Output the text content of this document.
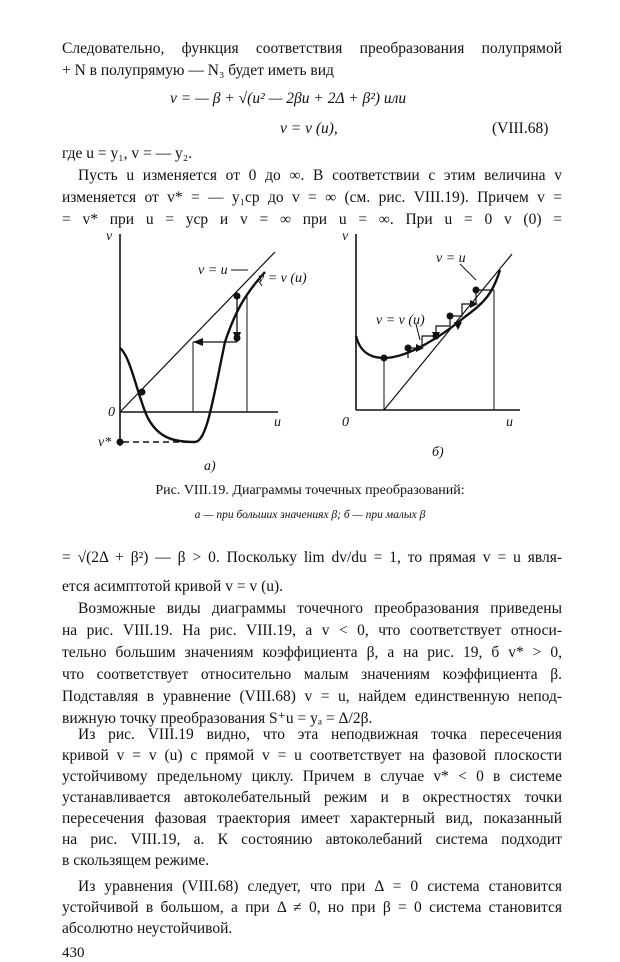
Следовательно, функция соответствия преобразования полупрямой
+ N в полупрямую — N₃ будет иметь вид
v = — β + √(u² — 2βu + 2Δ + β²) или
v = v (u),	(VIII.68)
где u = y₁, v = — y₂.
Пусть u изменяется от 0 до ∞. В соответствии с этим величина v
изменяется от v* = — y₁ср до v = ∞ (см. рис. VIII.19). Причем v =
= v* при u = yср и v = ∞ при u = ∞. При u = 0 v (0) =
v
u
0
v*
v = u
v = v (u)
а)
v
u
0
v = u
v = v (u)
б)
Рис. VIII.19. Диаграммы точечных преобразований:
а — при больших значениях β; б — при малых β
= √(2Δ + β²) — β > 0. Поскольку lim dv/du = 1, то прямая v = u явля-
ется асимптотой кривой v = v (u).
Возможные виды диаграммы точечного преобразования приведены
на рис. VIII.19. На рис. VIII.19, a v < 0, что соответствует относи-
тельно большим значениям коэффициента β, а на рис. 19, б v* > 0,
что соответствует относительно малым значениям коэффициента β.
Подставляя в уравнение (VIII.68) v = u, найдем единственную непод-
вижную точку преобразования S⁺u = yₐ = Δ/2β.
Из рис. VIII.19 видно, что эта неподвижная точка пересечения
кривой v = v (u) с прямой v = u соответствует на фазовой плоскости
устойчивому предельному циклу. Причем в случае v* < 0 в системе
устанавливается автоколебательный режим и в окрестностях точки
пересечения фазовая траектория имеет характерный вид, показанный
на рис. VIII.19, a. К состоянию автоколебаний система подходит
в скользящем режиме.
430
Из уравнения (VIII.68) следует, что при Δ = 0 система становится
устойчивой в большом, а при Δ ≠ 0, но при β = 0 система становится
абсолютно неустойчивой.
